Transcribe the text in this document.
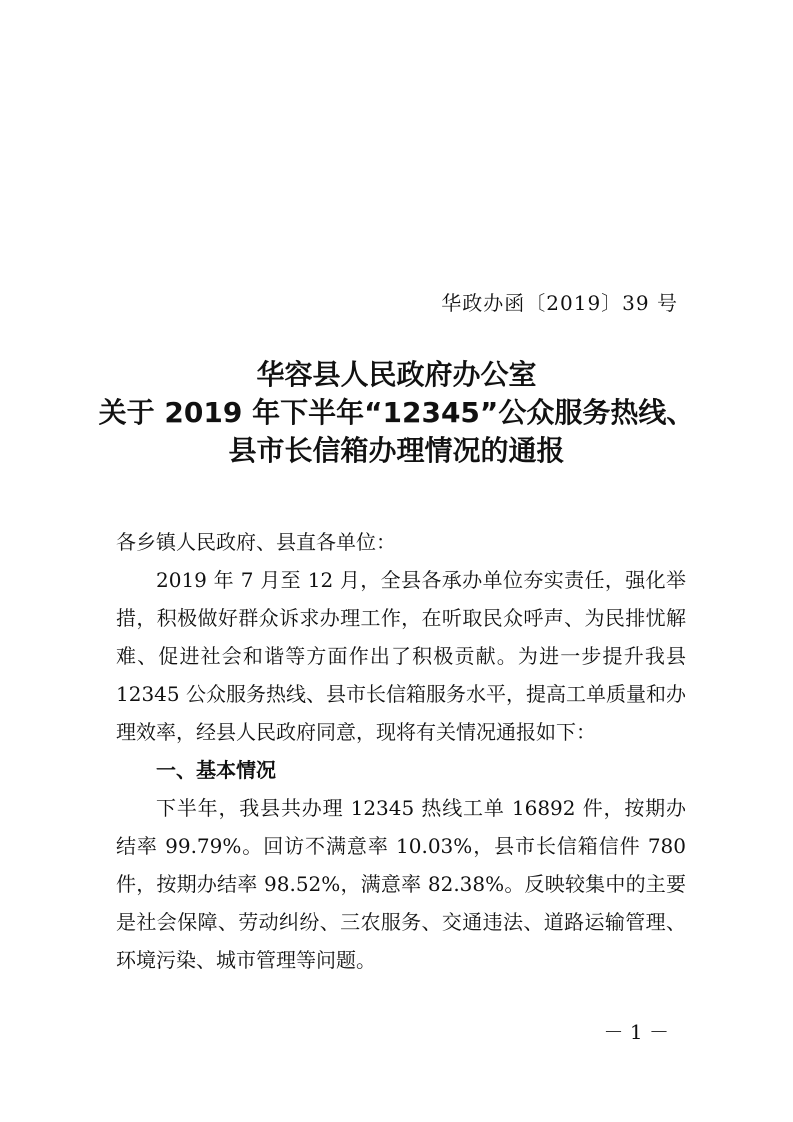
华政办函〔2019〕39 号
华容县人民政府办公室
关于 2019 年下半年“12345”公众服务热线、
县市长信箱办理情况的通报

各乡镇人民政府、县直各单位：

2019 年 7 月至 12 月，全县各承办单位夯实责任，强化举措，积极做好群众诉求办理工作，在听取民众呼声、为民排忧解难、促进社会和谐等方面作出了积极贡献。为进一步提升我县 12345 公众服务热线、县市长信箱服务水平，提高工单质量和办理效率，经县人民政府同意，现将有关情况通报如下：

一、基本情况

下半年，我县共办理 12345 热线工单 16892 件，按期办结率 99.79%。回访不满意率 10.03%，县市长信箱信件 780 件，按期办结率 98.52%，满意率 82.38%。反映较集中的主要是社会保障、劳动纠纷、三农服务、交通违法、道路运输管理、环境污染、城市管理等问题。

－ 1 －
